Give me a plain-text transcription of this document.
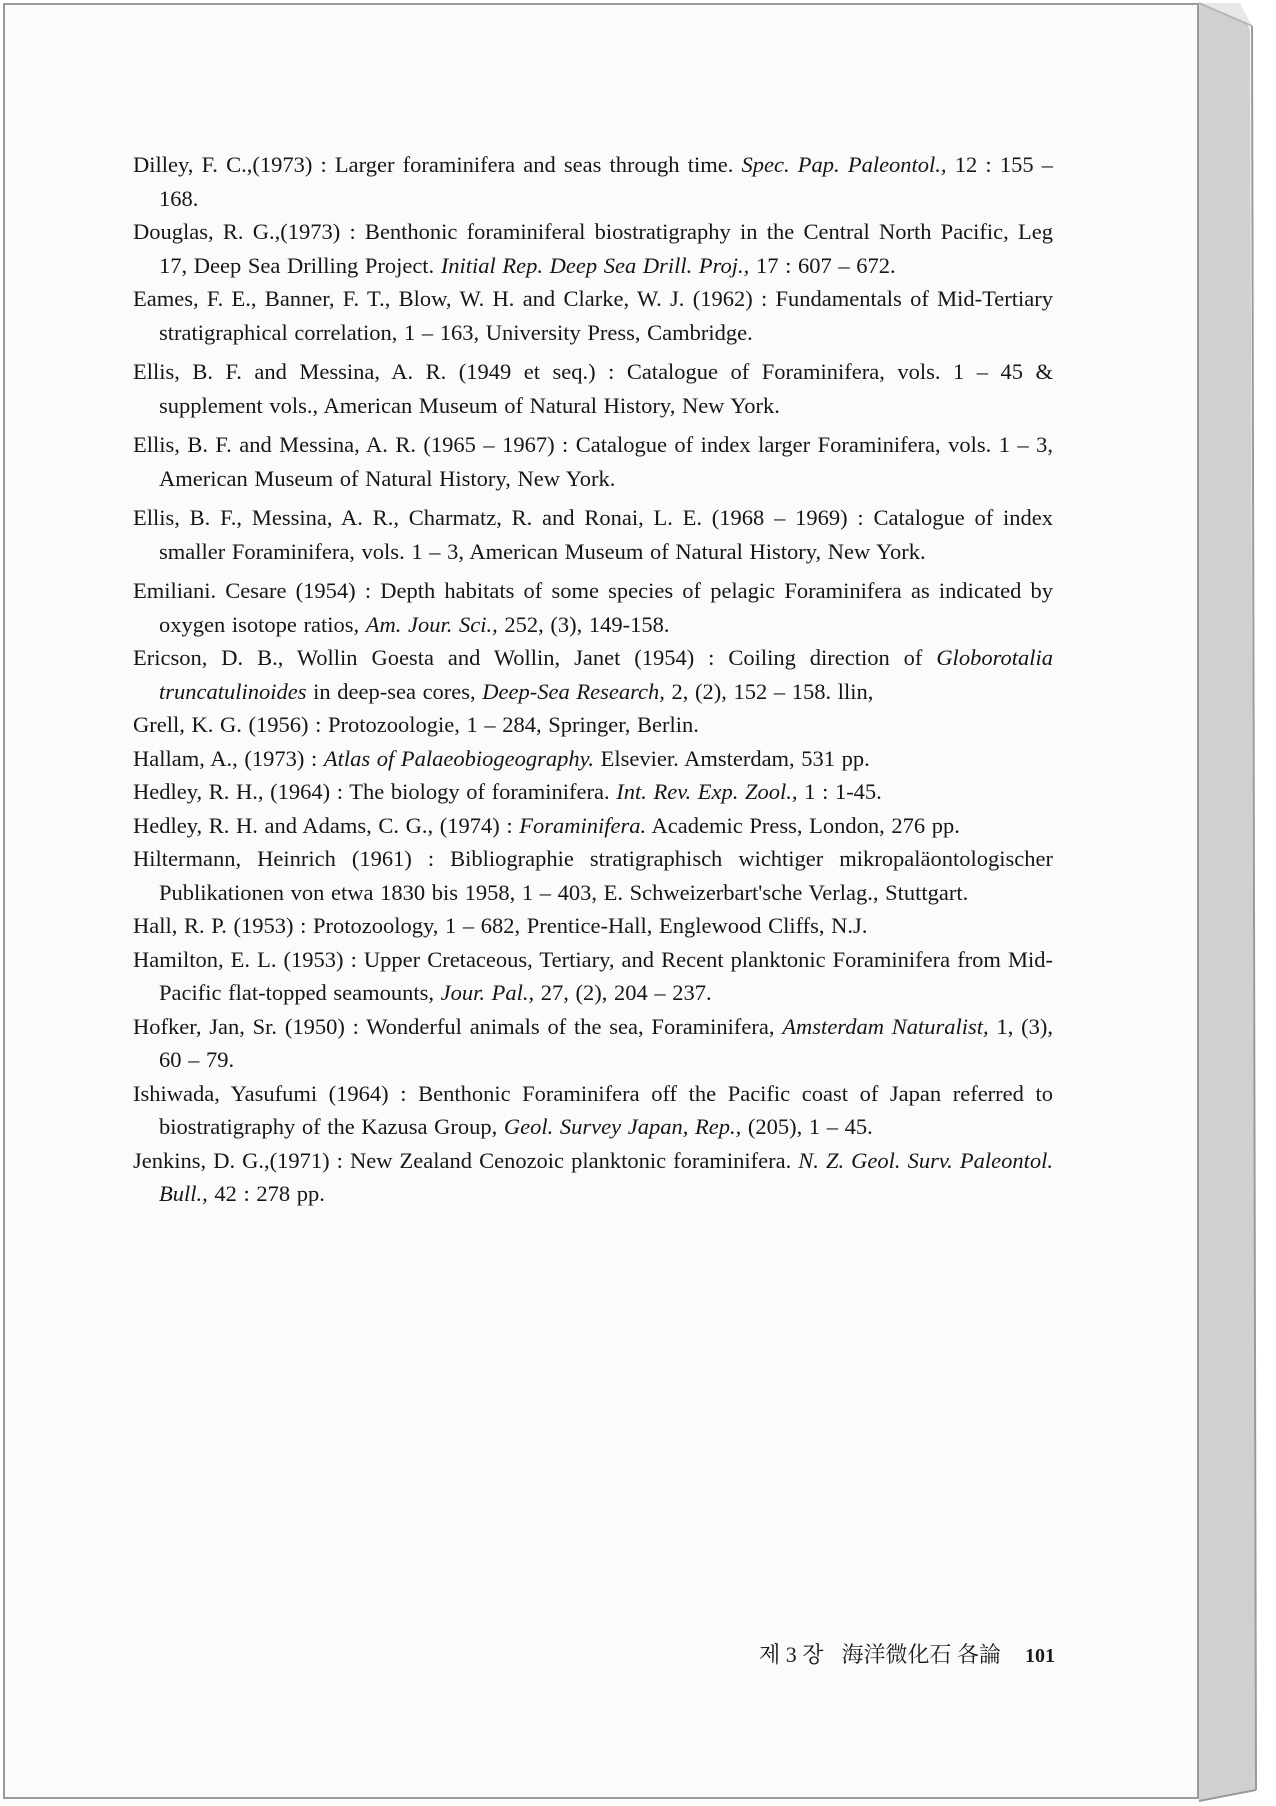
Dilley, F. C.,(1973) : Larger foraminifera and seas through time. Spec. Pap. Paleontol., 12 : 155 – 168.

Douglas, R. G.,(1973) : Benthonic foraminiferal biostratigraphy in the Central North Pacific, Leg 17, Deep Sea Drilling Project. Initial Rep. Deep Sea Drill. Proj., 17 : 607 – 672.

Eames, F. E., Banner, F. T., Blow, W. H. and Clarke, W. J. (1962) : Fundamentals of Mid-Tertiary stratigraphical correlation, 1 – 163, University Press, Cambridge.

Ellis, B. F. and Messina, A. R. (1949 et seq.) : Catalogue of Foraminifera, vols. 1 – 45 & supplement vols., American Museum of Natural History, New York.

Ellis, B. F. and Messina, A. R. (1965 – 1967) : Catalogue of index larger Foraminifera, vols. 1 – 3, American Museum of Natural History, New York.

Ellis, B. F., Messina, A. R., Charmatz, R. and Ronai, L. E. (1968 – 1969) : Catalogue of index smaller Foraminifera, vols. 1 – 3, American Museum of Natural History, New York.

Emiliani. Cesare (1954) : Depth habitats of some species of pelagic Foraminifera as indicated by oxygen isotope ratios, Am. Jour. Sci., 252, (3), 149-158.

Ericson, D. B., Wollin Goesta and Wollin, Janet (1954) : Coiling direction of Globorotalia truncatulinoides in deep-sea cores, Deep-Sea Research, 2, (2), 152 – 158. llin,

Grell, K. G. (1956) : Protozoologie, 1 – 284, Springer, Berlin.

Hallam, A., (1973) : Atlas of Palaeobiogeography. Elsevier. Amsterdam, 531 pp.

Hedley, R. H., (1964) : The biology of foraminifera. Int. Rev. Exp. Zool., 1 : 1-45.

Hedley, R. H. and Adams, C. G., (1974) : Foraminifera. Academic Press, London, 276 pp.

Hiltermann, Heinrich (1961) : Bibliographie stratigraphisch wichtiger mikropaläontologischer Publikationen von etwa 1830 bis 1958, 1 – 403, E. Schweizerbart'sche Verlag., Stuttgart.

Hall, R. P. (1953) : Protozoology, 1 – 682, Prentice-Hall, Englewood Cliffs, N.J.

Hamilton, E. L. (1953) : Upper Cretaceous, Tertiary, and Recent planktonic Foraminifera from Mid-Pacific flat-topped seamounts, Jour. Pal., 27, (2), 204 – 237.

Hofker, Jan, Sr. (1950) : Wonderful animals of the sea, Foraminifera, Amsterdam Naturalist, 1, (3), 60 – 79.

Ishiwada, Yasufumi (1964) : Benthonic Foraminifera off the Pacific coast of Japan referred to biostratigraphy of the Kazusa Group, Geol. Survey Japan, Rep., (205), 1 – 45.

Jenkins, D. G.,(1971) : New Zealand Cenozoic planktonic foraminifera. N. Z. Geol. Surv. Paleontol. Bull., 42 : 278 pp.

제 3 장 海洋微化石 各論 101
